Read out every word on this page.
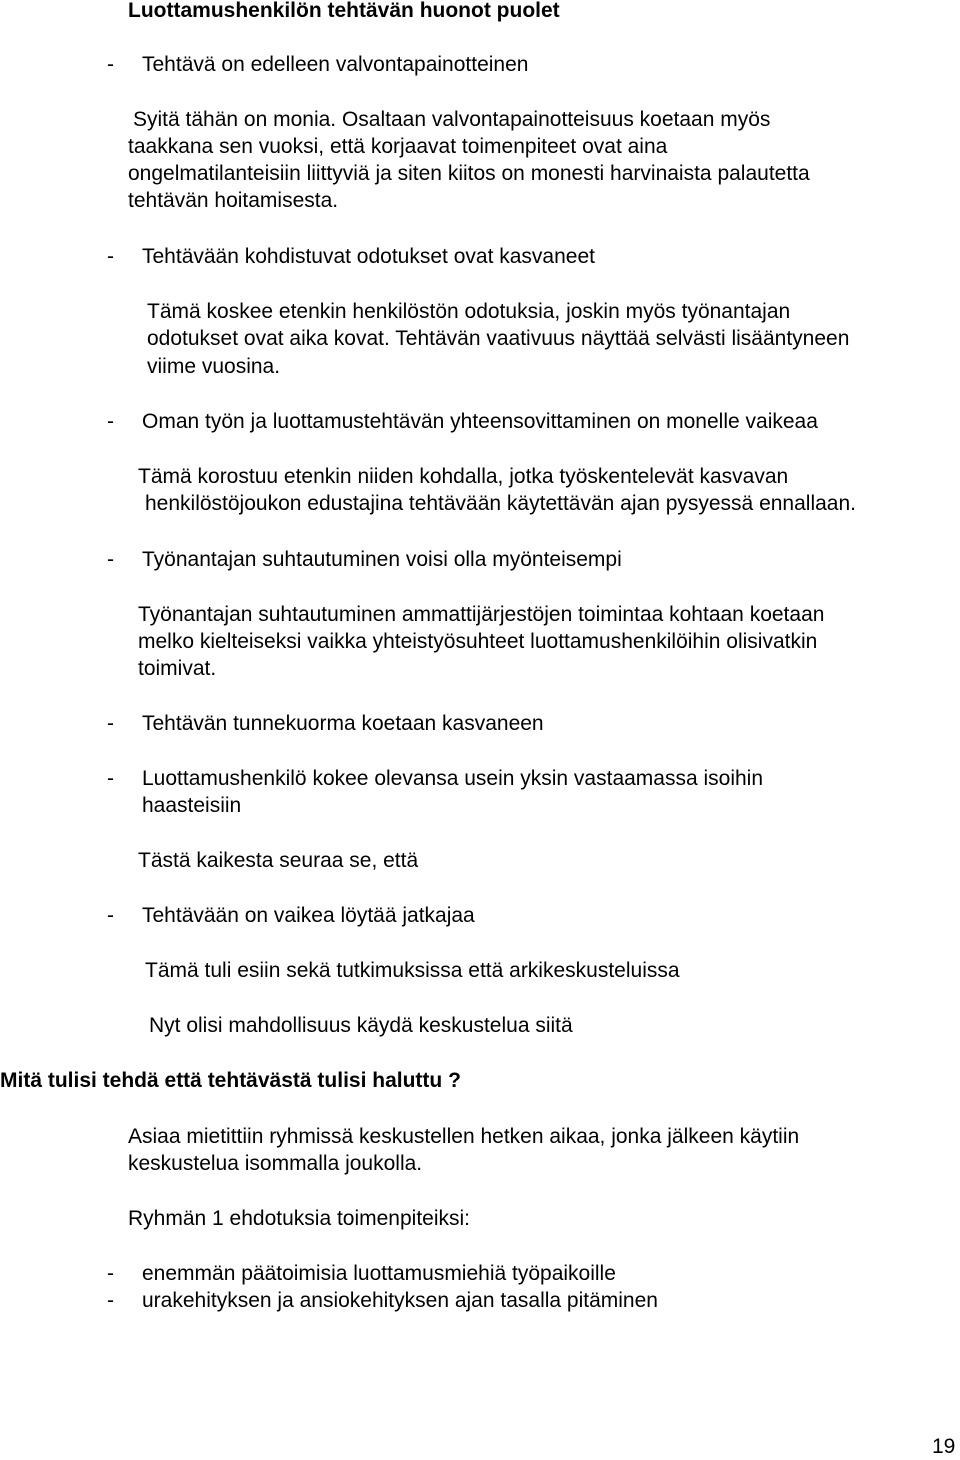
Luottamushenkilön tehtävän huonot puolet
- Tehtävä on edelleen valvontapainotteinen
Syitä tähän on monia. Osaltaan valvontapainotteisuus koetaan myös
taakkana sen vuoksi, että korjaavat toimenpiteet ovat aina
ongelmatilanteisiin liittyviä ja siten kiitos on monesti harvinaista palautetta
tehtävän hoitamisesta.
- Tehtävään kohdistuvat odotukset ovat kasvaneet
Tämä koskee etenkin henkilöstön odotuksia, joskin myös työnantajan
odotukset ovat aika kovat. Tehtävän vaativuus näyttää selvästi lisääntyneen
viime vuosina.
- Oman työn ja luottamustehtävän yhteensovittaminen on monelle vaikeaa
Tämä korostuu etenkin niiden kohdalla, jotka työskentelevät kasvavan
henkilöstöjoukon edustajina tehtävään käytettävän ajan pysyessä ennallaan.
- Työnantajan suhtautuminen voisi olla myönteisempi
Työnantajan suhtautuminen ammattijärjestöjen toimintaa kohtaan koetaan
melko kielteiseksi vaikka yhteistyösuhteet luottamushenkilöihin olisivatkin
toimivat.
- Tehtävän tunnekuorma koetaan kasvaneen
- Luottamushenkilö kokee olevansa usein yksin vastaamassa isoihin
haasteisiin
Tästä kaikesta seuraa se, että
- Tehtävään on vaikea löytää jatkajaa
Tämä tuli esiin sekä tutkimuksissa että arkikeskusteluissa
Nyt olisi mahdollisuus käydä keskustelua siitä
Mitä tulisi tehdä että tehtävästä tulisi haluttu ?
Asiaa mietittiin ryhmissä keskustellen hetken aikaa, jonka jälkeen käytiin
keskustelua isommalla joukolla.
Ryhmän 1 ehdotuksia toimenpiteiksi:
- enemmän päätoimisia luottamusmiehiä työpaikoille
- urakehityksen ja ansiokehityksen ajan tasalla pitäminen
19
